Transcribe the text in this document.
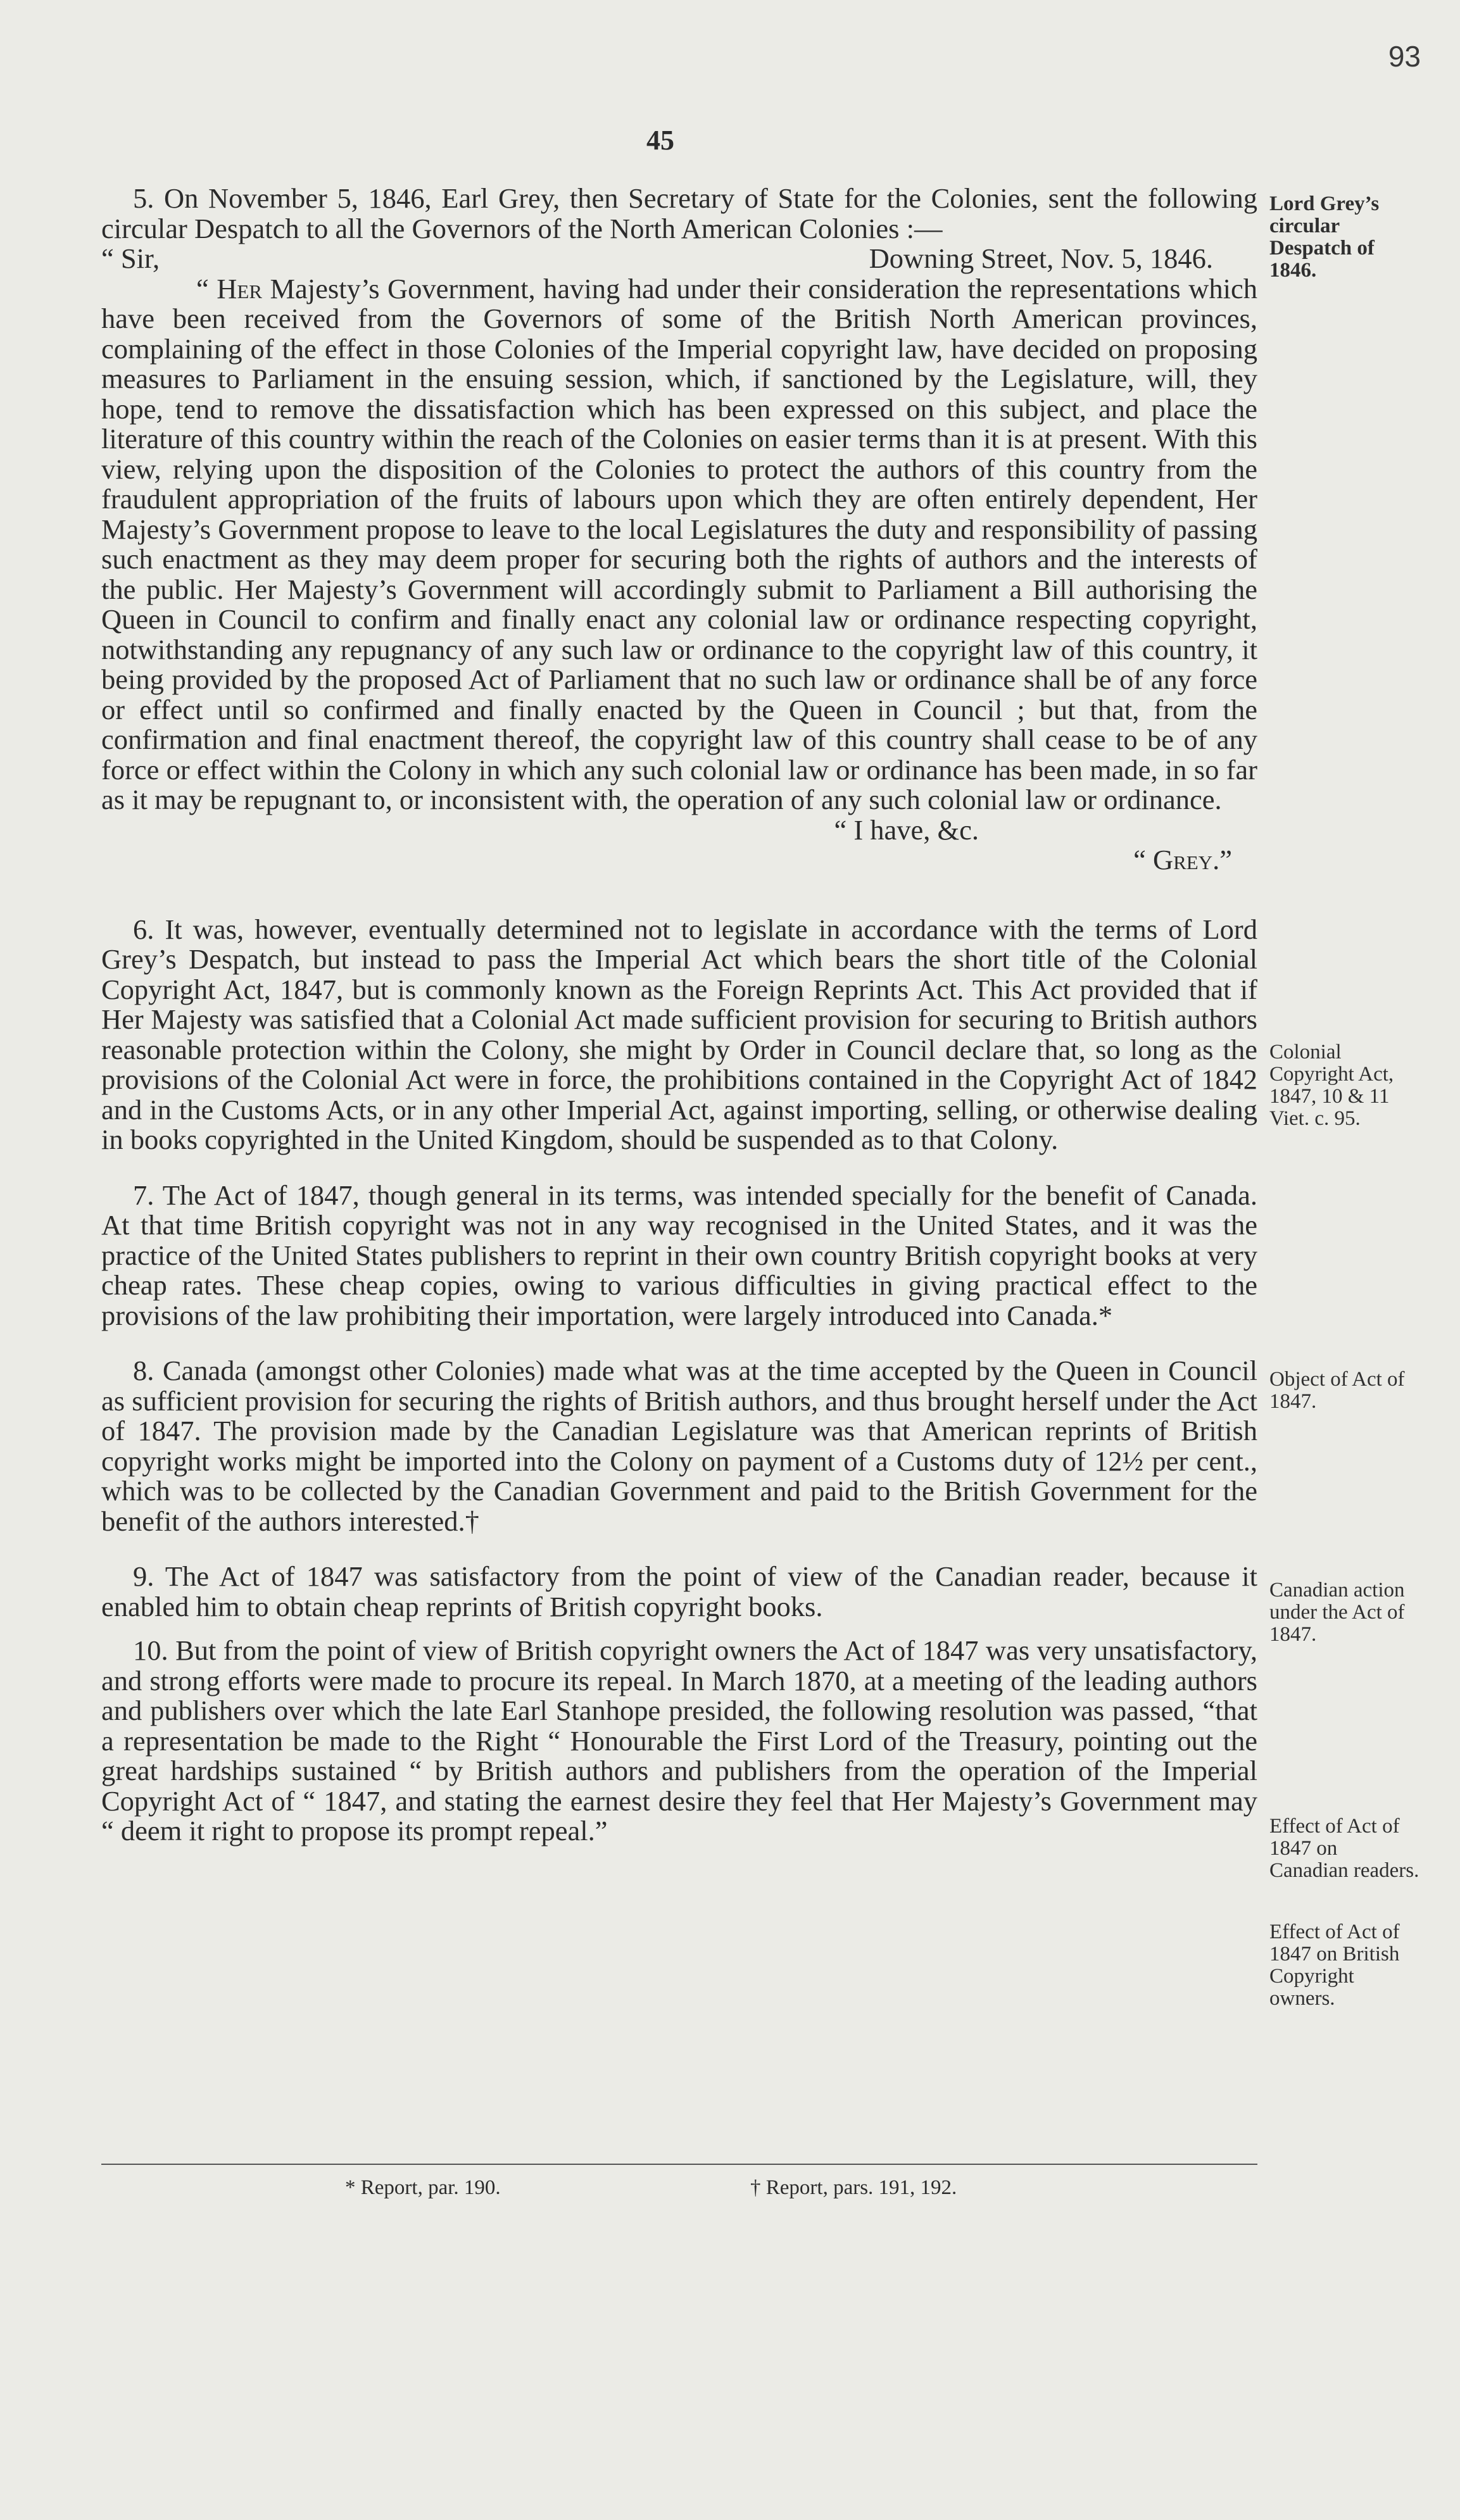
93
45

5. On November 5, 1846, Earl Grey, then Secretary of State for the Colonies, sent the following circular Despatch to all the Governors of the North American Colonies :—

“ Sir,	Downing Street, Nov. 5, 1846.

“ Her Majesty’s Government, having had under their consideration the representations which have been received from the Governors of some of the British North American provinces, complaining of the effect in those Colonies of the Imperial copyright law, have decided on proposing measures to Parliament in the ensuing session, which, if sanctioned by the Legislature, will, they hope, tend to remove the dissatisfaction which has been expressed on this subject, and place the literature of this country within the reach of the Colonies on easier terms than it is at present. With this view, relying upon the disposition of the Colonies to protect the authors of this country from the fraudulent appropriation of the fruits of labours upon which they are often entirely dependent, Her Majesty’s Government propose to leave to the local Legislatures the duty and responsibility of passing such enactment as they may deem proper for securing both the rights of authors and the interests of the public. Her Majesty’s Government will accordingly submit to Parliament a Bill authorising the Queen in Council to confirm and finally enact any colonial law or ordinance respecting copyright, notwithstanding any repugnancy of any such law or ordinance to the copyright law of this country, it being provided by the proposed Act of Parliament that no such law or ordinance shall be of any force or effect until so confirmed and finally enacted by the Queen in Council ; but that, from the confirmation and final enactment thereof, the copyright law of this country shall cease to be of any force or effect within the Colony in which any such colonial law or ordinance has been made, in so far as it may be repugnant to, or inconsistent with, the operation of any such colonial law or ordinance.

“ I have, &c.

“ Grey.”

6. It was, however, eventually determined not to legislate in accordance with the terms of Lord Grey’s Despatch, but instead to pass the Imperial Act which bears the short title of the Colonial Copyright Act, 1847, but is commonly known as the Foreign Reprints Act. This Act provided that if Her Majesty was satisfied that a Colonial Act made sufficient provision for securing to British authors reasonable protection within the Colony, she might by Order in Council declare that, so long as the provisions of the Colonial Act were in force, the prohibitions contained in the Copyright Act of 1842 and in the Customs Acts, or in any other Imperial Act, against importing, selling, or otherwise dealing in books copyrighted in the United Kingdom, should be suspended as to that Colony.

7. The Act of 1847, though general in its terms, was intended specially for the benefit of Canada. At that time British copyright was not in any way recognised in the United States, and it was the practice of the United States publishers to reprint in their own country British copyright books at very cheap rates. These cheap copies, owing to various difficulties in giving practical effect to the provisions of the law prohibiting their importation, were largely introduced into Canada.*

8. Canada (amongst other Colonies) made what was at the time accepted by the Queen in Council as sufficient provision for securing the rights of British authors, and thus brought herself under the Act of 1847. The provision made by the Canadian Legislature was that American reprints of British copyright works might be imported into the Colony on payment of a Customs duty of 12½ per cent., which was to be collected by the Canadian Government and paid to the British Government for the benefit of the authors interested.†

9. The Act of 1847 was satisfactory from the point of view of the Canadian reader, because it enabled him to obtain cheap reprints of British copyright books.

10. But from the point of view of British copyright owners the Act of 1847 was very unsatisfactory, and strong efforts were made to procure its repeal. In March 1870, at a meeting of the leading authors and publishers over which the late Earl Stanhope presided, the following resolution was passed, “that a representation be made to the Right “ Honourable the First Lord of the Treasury, pointing out the great hardships sustained “ by British authors and publishers from the operation of the Imperial Copyright Act of “ 1847, and stating the earnest desire they feel that Her Majesty’s Government may “ deem it right to propose its prompt repeal.”

Lord Grey’s circular Despatch of 1846.
Colonial Copyright Act, 1847, 10 & 11 Viet. c. 95.
Object of Act of 1847.
Canadian action under the Act of 1847.
Effect of Act of 1847 on Canadian readers.
Effect of Act of 1847 on British Copyright owners.
* Report, par. 190.	† Report, pars. 191, 192.
